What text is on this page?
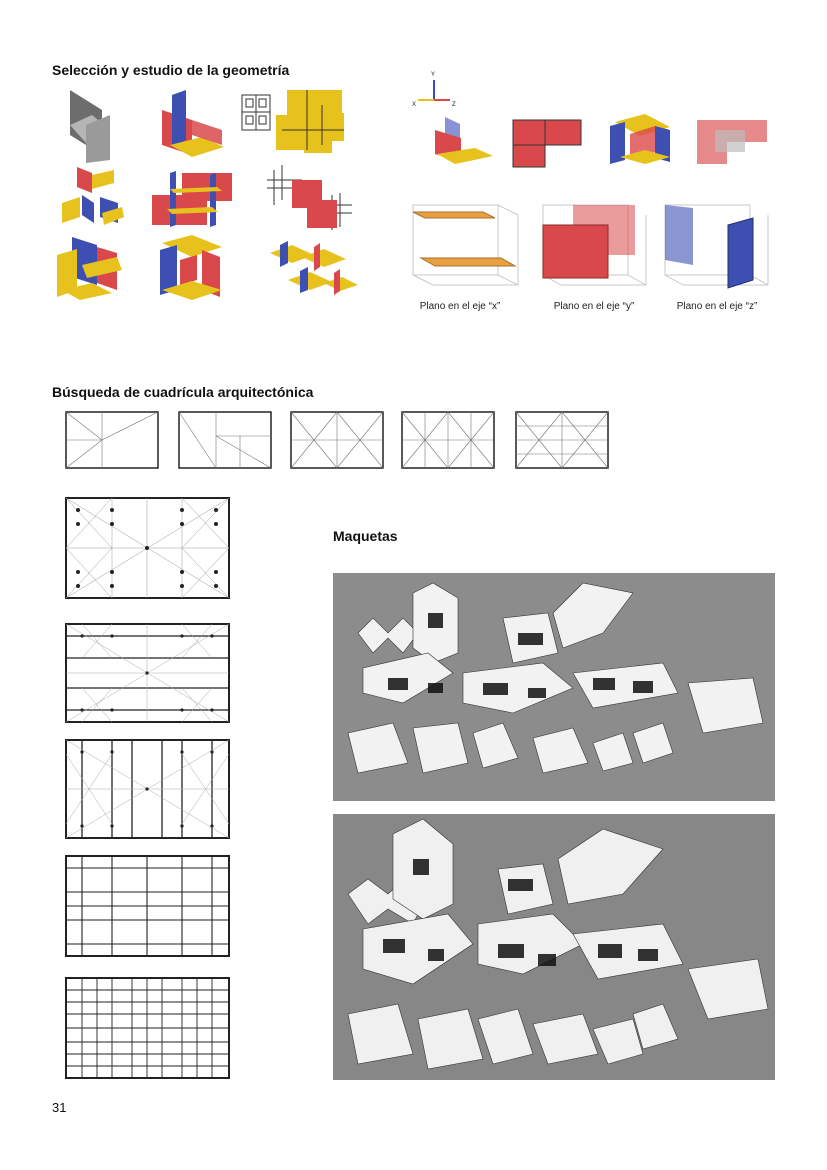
Selección y estudio de la geometría
Búsqueda de cuadrícula arquitectónica
Maquetas
Y
X	Z
Plano en el eje “x”	Plano en el eje “y”	Plano en el eje “z”
31
